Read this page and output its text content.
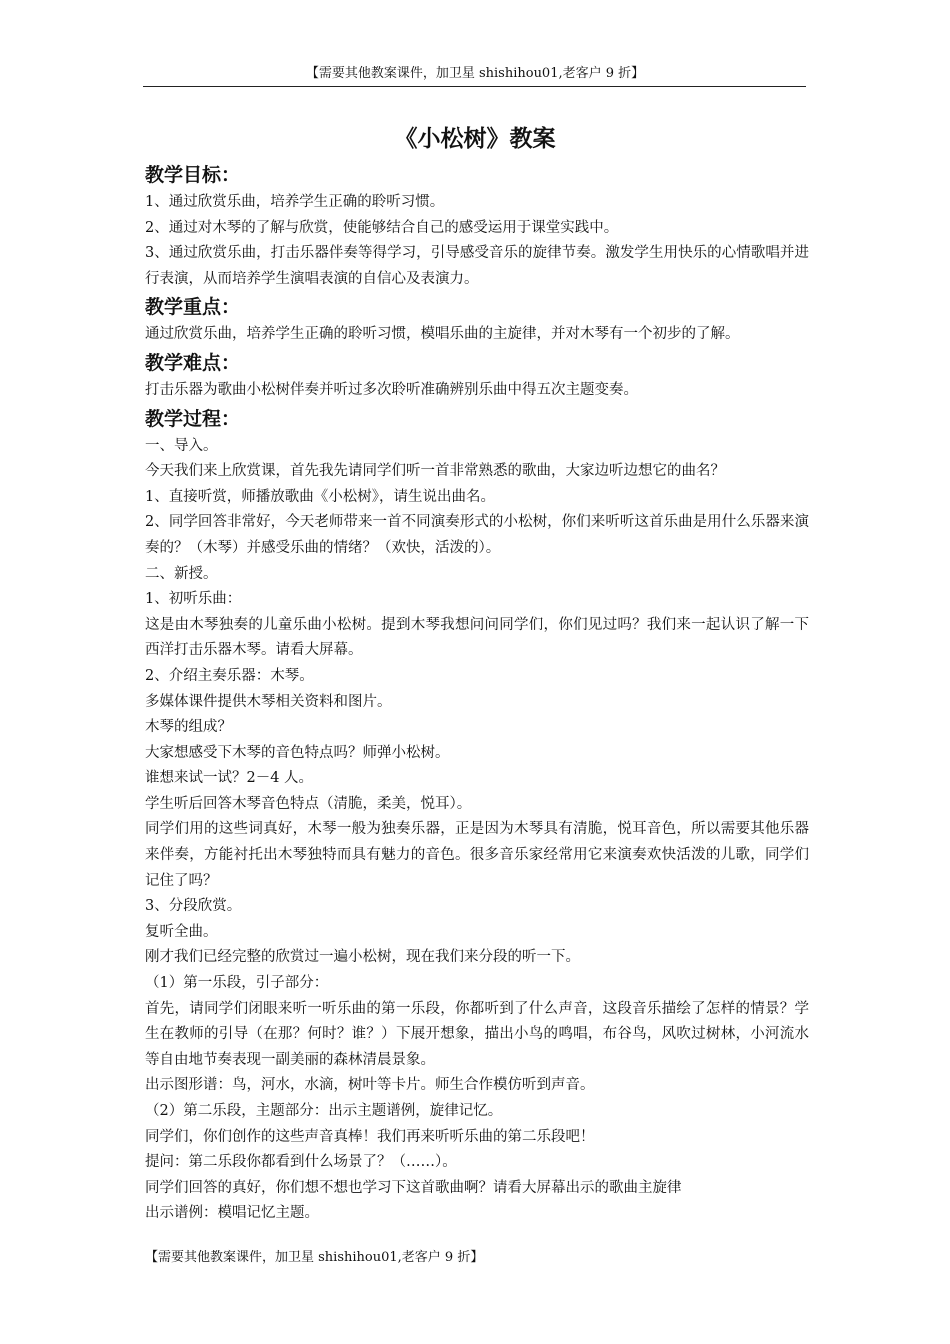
【需要其他教案课件，加卫星 shishihou01,老客户 9 折】
《小松树》教案
教学目标：

1、通过欣赏乐曲，培养学生正确的聆听习惯。

2、通过对木琴的了解与欣赏，使能够结合自己的感受运用于课堂实践中。

3、通过欣赏乐曲，打击乐器伴奏等得学习，引导感受音乐的旋律节奏。激发学生用快乐的心情歌唱并进行表演，从而培养学生演唱表演的自信心及表演力。

教学重点：

通过欣赏乐曲，培养学生正确的聆听习惯，模唱乐曲的主旋律，并对木琴有一个初步的了解。

教学难点：

打击乐器为歌曲小松树伴奏并听过多次聆听准确辨别乐曲中得五次主题变奏。

教学过程：

一、导入。

今天我们来上欣赏课，首先我先请同学们听一首非常熟悉的歌曲，大家边听边想它的曲名？

1、直接听赏，师播放歌曲《小松树》，请生说出曲名。

2、同学回答非常好，今天老师带来一首不同演奏形式的小松树，你们来听听这首乐曲是用什么乐器来演奏的？（木琴）并感受乐曲的情绪？（欢快，活泼的）。

二、新授。

1、初听乐曲：

这是由木琴独奏的儿童乐曲小松树。提到木琴我想问问同学们，你们见过吗？我们来一起认识了解一下西洋打击乐器木琴。请看大屏幕。

2、介绍主奏乐器：木琴。

多媒体课件提供木琴相关资料和图片。

木琴的组成？

大家想感受下木琴的音色特点吗？师弹小松树。

谁想来试一试？2－4 人。

学生听后回答木琴音色特点（清脆，柔美，悦耳）。

同学们用的这些词真好，木琴一般为独奏乐器，正是因为木琴具有清脆，悦耳音色，所以需要其他乐器来伴奏，方能衬托出木琴独特而具有魅力的音色。很多音乐家经常用它来演奏欢快活泼的儿歌，同学们记住了吗？

3、分段欣赏。

复听全曲。

刚才我们已经完整的欣赏过一遍小松树，现在我们来分段的听一下。

（1）第一乐段，引子部分：

首先，请同学们闭眼来听一听乐曲的第一乐段，你都听到了什么声音，这段音乐描绘了怎样的情景？学生在教师的引导（在那？何时？谁？）下展开想象，描出小鸟的鸣唱，布谷鸟，风吹过树林，小河流水等自由地节奏表现一副美丽的森林清晨景象。

出示图形谱：鸟，河水，水滴，树叶等卡片。师生合作模仿听到声音。

（2）第二乐段，主题部分：出示主题谱例，旋律记忆。

同学们，你们创作的这些声音真棒！我们再来听听乐曲的第二乐段吧！

提问：第二乐段你都看到什么场景了？（……）。

同学们回答的真好，你们想不想也学习下这首歌曲啊？请看大屏幕出示的歌曲主旋律

出示谱例：模唱记忆主题。

【需要其他教案课件，加卫星 shishihou01,老客户 9 折】
